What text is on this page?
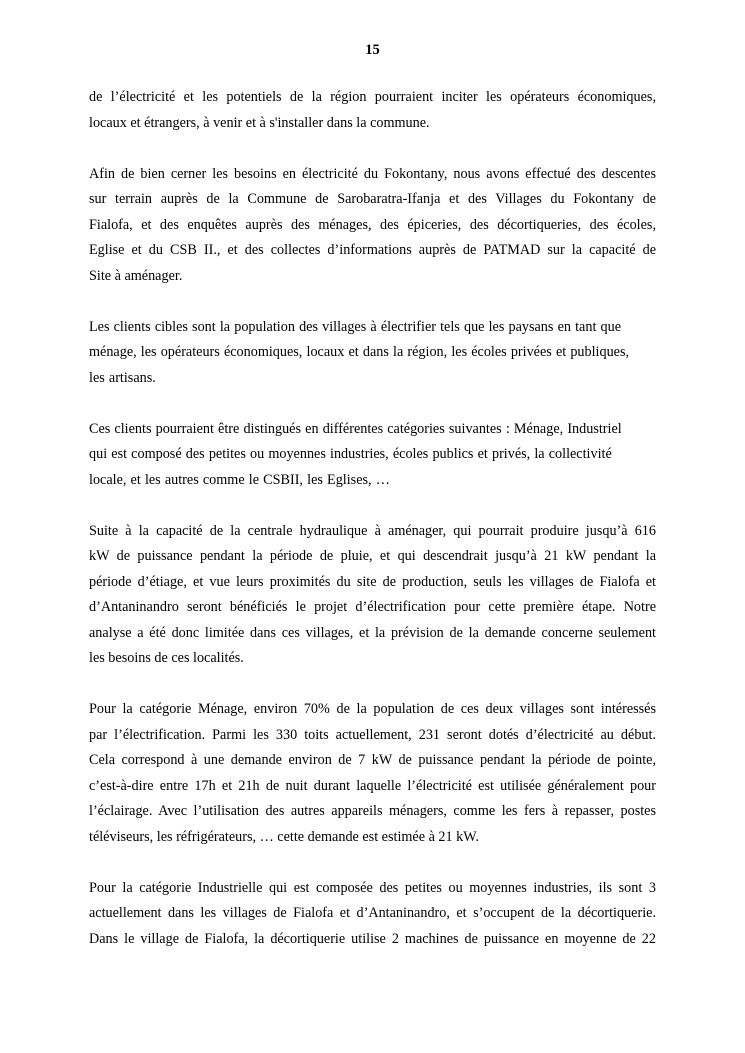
15
de l’électricité et les potentiels de la région pourraient inciter les opérateurs économiques,
locaux et étrangers, à venir et à s'installer dans la commune.
Afin de bien cerner les besoins en électricité du Fokontany, nous avons effectué des descentes
sur terrain auprès de la Commune de Sarobaratra-Ifanja et des Villages du Fokontany de
Fialofa, et des enquêtes auprès des ménages, des épiceries, des décortiqueries, des écoles,
Eglise et du CSB II., et des collectes d’informations auprès de PATMAD sur la capacité de
Site à aménager.
Les clients cibles sont la population des villages à électrifier tels que les paysans en tant que
ménage, les opérateurs économiques, locaux et dans la région, les écoles privées et publiques,
les artisans.
Ces clients pourraient être distingués en différentes catégories suivantes : Ménage, Industriel
qui est composé des petites ou moyennes industries, écoles publics et privés, la collectivité
locale, et les autres comme le CSBII, les Eglises, …
Suite à la capacité de la centrale hydraulique à aménager, qui pourrait produire jusqu’à 616
kW de puissance pendant la période de pluie, et qui descendrait jusqu’à 21 kW pendant la
période d’étiage, et vue leurs proximités du site de production, seuls les villages de Fialofa et
d’Antaninandro seront bénéficiés le projet d’électrification pour cette première étape. Notre
analyse a été donc limitée dans ces villages, et la prévision de la demande concerne seulement
les besoins de ces localités.
Pour la catégorie Ménage, environ 70% de la population de ces deux villages sont intéressés
par l’électrification. Parmi les 330 toits actuellement, 231 seront dotés d’électricité au début.
Cela correspond à une demande environ de 7 kW de puissance pendant la période de pointe,
c’est-à-dire entre 17h et 21h de nuit durant laquelle l’électricité est utilisée généralement pour
l’éclairage. Avec l’utilisation des autres appareils ménagers, comme les fers à repasser, postes
téléviseurs, les réfrigérateurs, … cette demande est estimée à 21 kW.
Pour la catégorie Industrielle qui est composée des petites ou moyennes industries, ils sont 3
actuellement dans les villages de Fialofa et d’Antaninandro, et s’occupent de la décortiquerie.
Dans le village de Fialofa, la décortiquerie utilise 2 machines de puissance en moyenne de 22
